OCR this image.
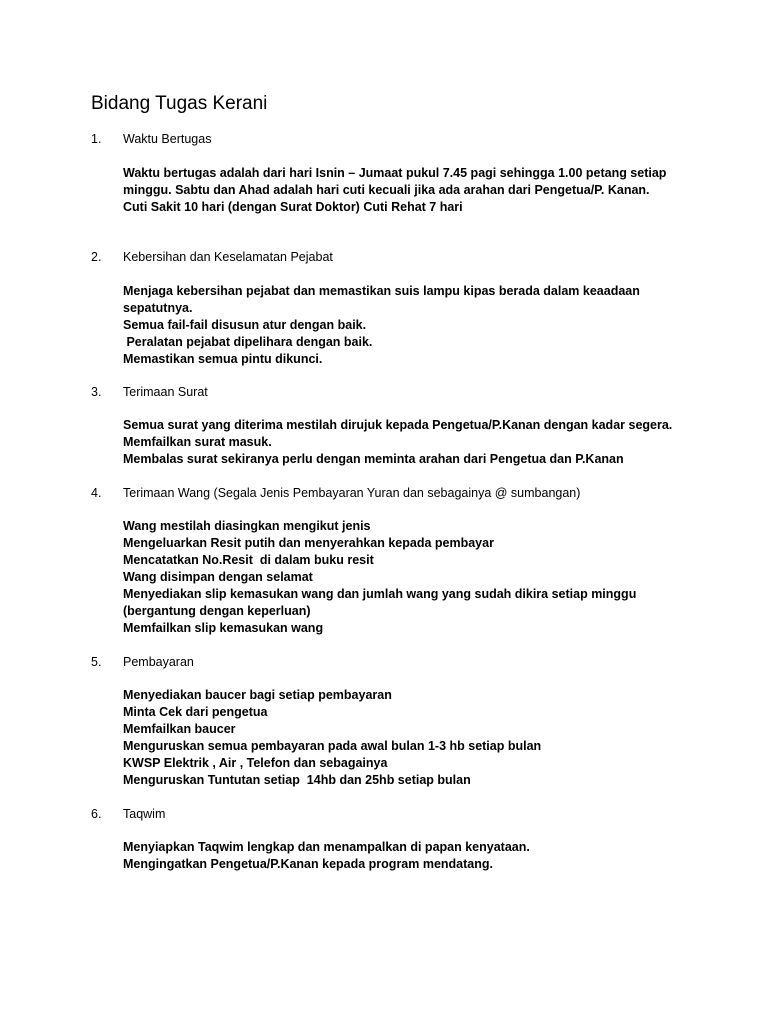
Bidang Tugas Kerani
1. Waktu Bertugas
Waktu bertugas adalah dari hari Isnin – Jumaat pukul 7.45 pagi sehingga 1.00 petang setiap
minggu. Sabtu dan Ahad adalah hari cuti kecuali jika ada arahan dari Pengetua/P. Kanan.
Cuti Sakit 10 hari (dengan Surat Doktor) Cuti Rehat 7 hari
2. Kebersihan dan Keselamatan Pejabat
Menjaga kebersihan pejabat dan memastikan suis lampu kipas berada dalam keaadaan
sepatutnya.
Semua fail-fail disusun atur dengan baik.
Peralatan pejabat dipelihara dengan baik.
Memastikan semua pintu dikunci.
3. Terimaan Surat
Semua surat yang diterima mestilah dirujuk kepada Pengetua/P.Kanan dengan kadar segera.
Memfailkan surat masuk.
Membalas surat sekiranya perlu dengan meminta arahan dari Pengetua dan P.Kanan
4. Terimaan Wang (Segala Jenis Pembayaran Yuran dan sebagainya @ sumbangan)
Wang mestilah diasingkan mengikut jenis
Mengeluarkan Resit putih dan menyerahkan kepada pembayar
Mencatatkan No.Resit  di dalam buku resit
Wang disimpan dengan selamat
Menyediakan slip kemasukan wang dan jumlah wang yang sudah dikira setiap minggu
(bergantung dengan keperluan)
Memfailkan slip kemasukan wang
5. Pembayaran
Menyediakan baucer bagi setiap pembayaran
Minta Cek dari pengetua
Memfailkan baucer
Menguruskan semua pembayaran pada awal bulan 1-3 hb setiap bulan
KWSP Elektrik , Air , Telefon dan sebagainya
Menguruskan Tuntutan setiap  14hb dan 25hb setiap bulan
6.Taqwim
Menyiapkan Taqwim lengkap dan menampalkan di papan kenyataan.
Mengingatkan Pengetua/P.Kanan kepada program mendatang.
